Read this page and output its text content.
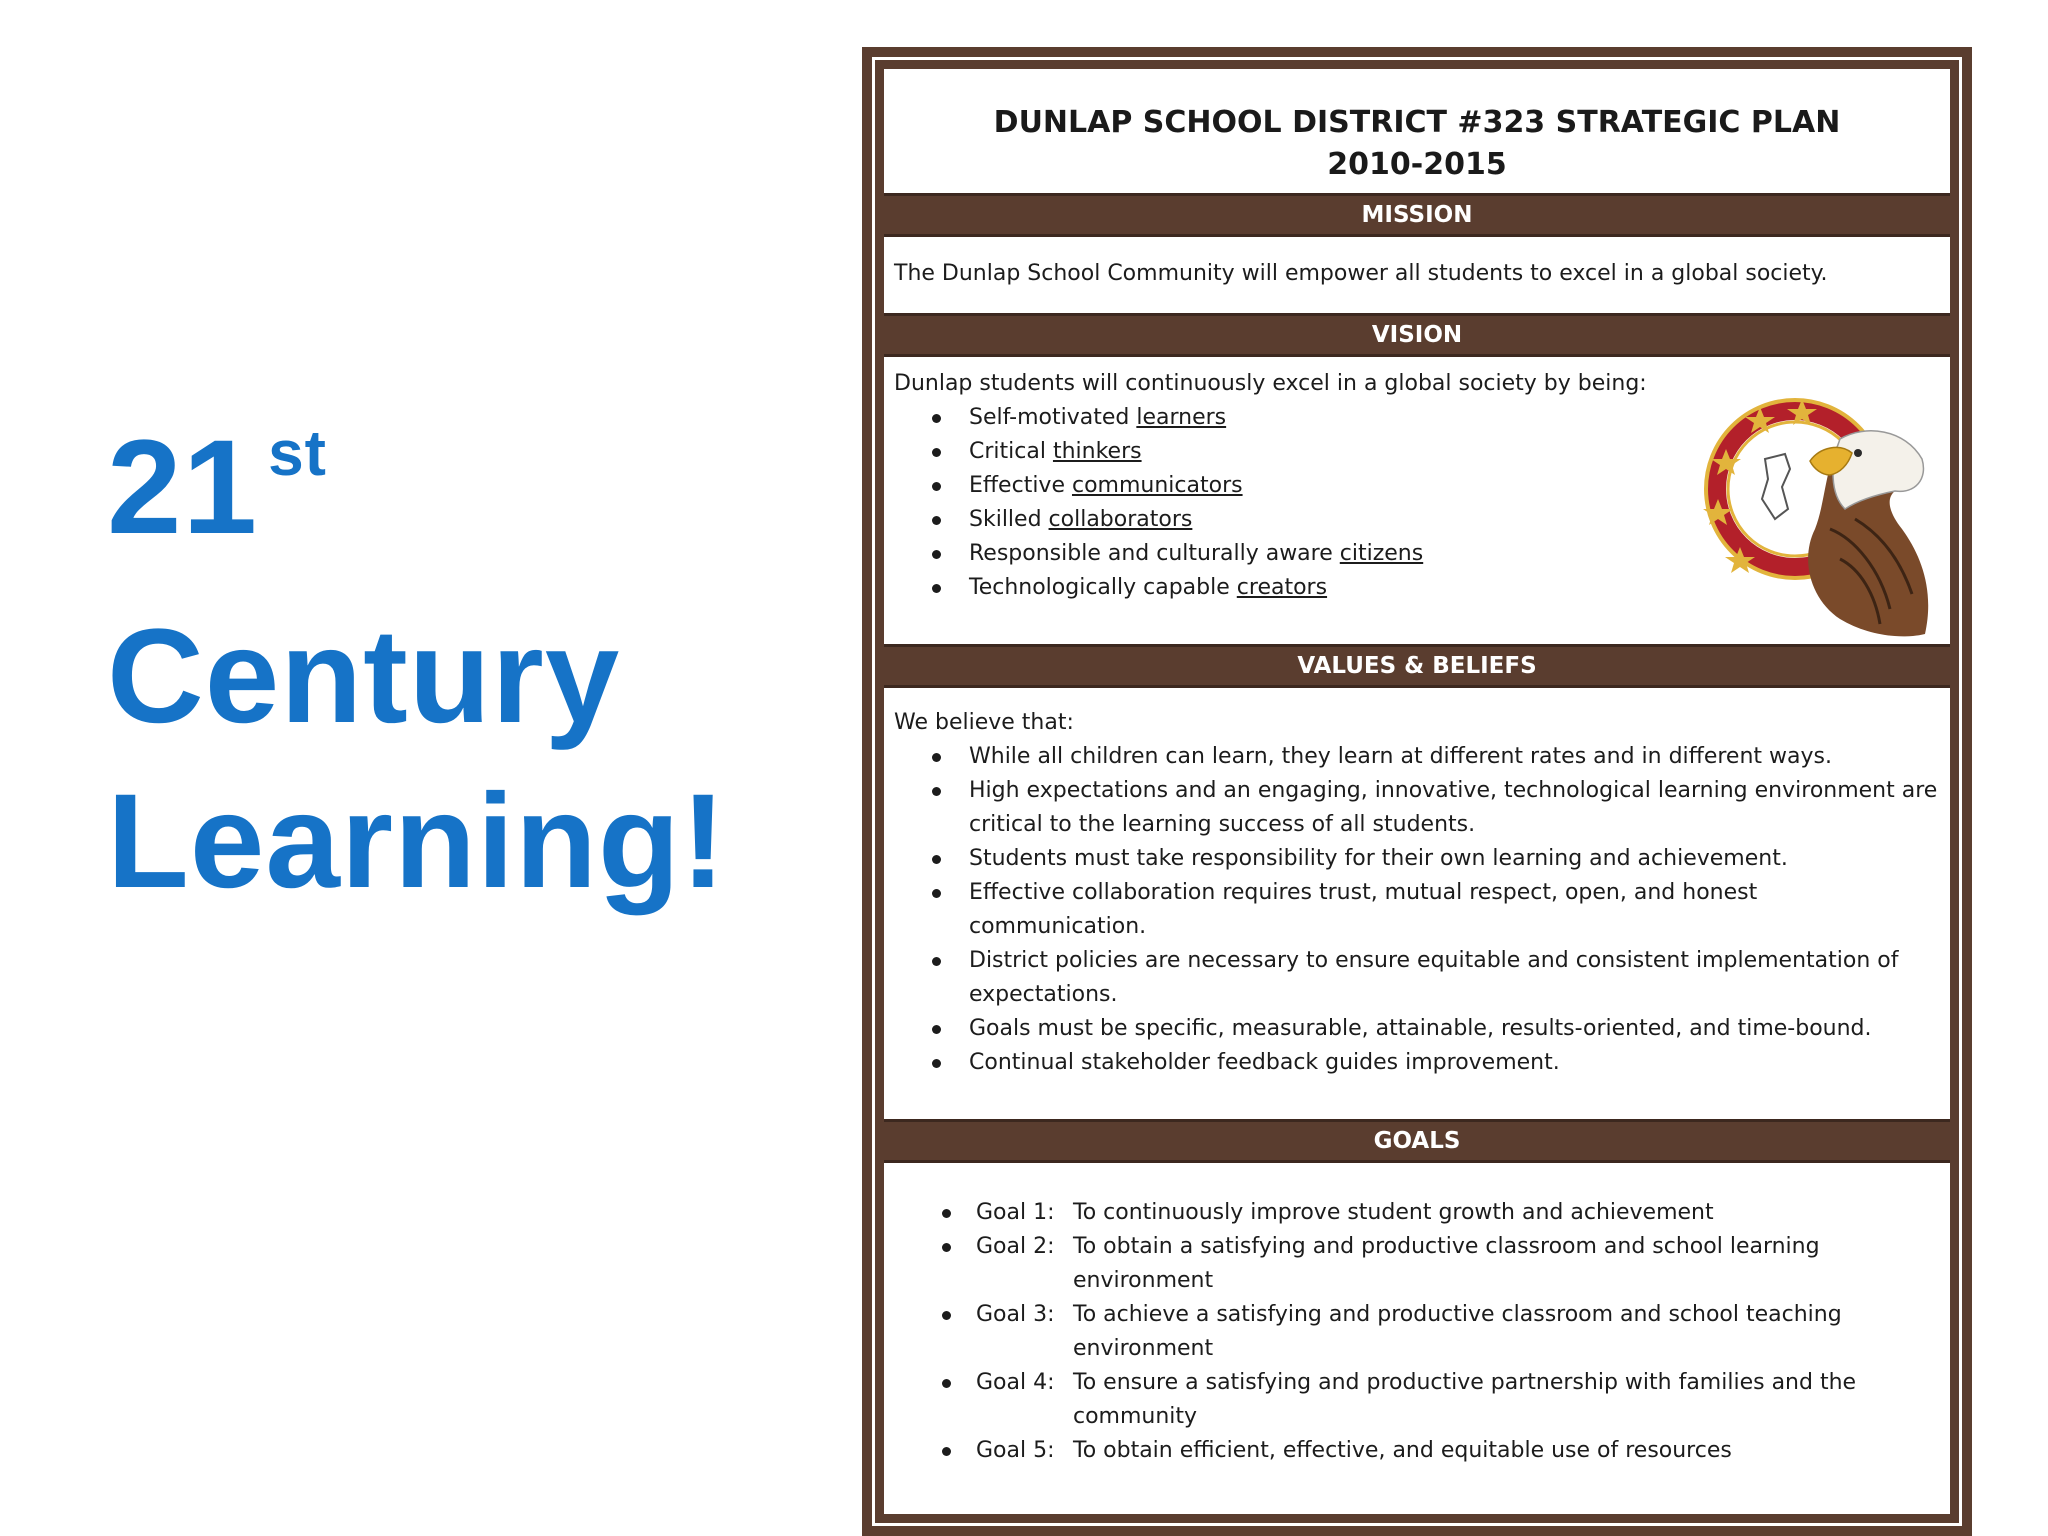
21 $^{st}$
Century
Learning!
DUNLAP SCHOOL DISTRICT #323 STRATEGIC PLAN
2010-2015
MISSION

The Dunlap School Community will empower all students to excel in a global society.

VISION

Dunlap students will continuously excel in a global society by being:

Self-motivated learners
Critical thinkers
Effective communicators
Skilled collaborators
Responsible and culturally aware citizens
Technologically capable creators
VALUES & BELIEFS

We believe that:

While all children can learn, they learn at different rates and in different ways.
High expectations and an engaging, innovative, technological learning environment are critical to the learning success of all students.
Students must take responsibility for their own learning and achievement.
Effective collaboration requires trust, mutual respect, open, and honest communication.
District policies are necessary to ensure equitable and consistent implementation of expectations.
Goals must be specific, measurable, attainable, results-oriented, and time-bound.
Continual stakeholder feedback guides improvement.
GOALS
Goal 1: To continuously improve student growth and achievement
Goal 2: To obtain a satisfying and productive classroom and school learning
environment
Goal 3: To achieve a satisfying and productive classroom and school teaching
environment
Goal 4: To ensure a satisfying and productive partnership with families and the
community
Goal 5: To obtain efficient, effective, and equitable use of resources
